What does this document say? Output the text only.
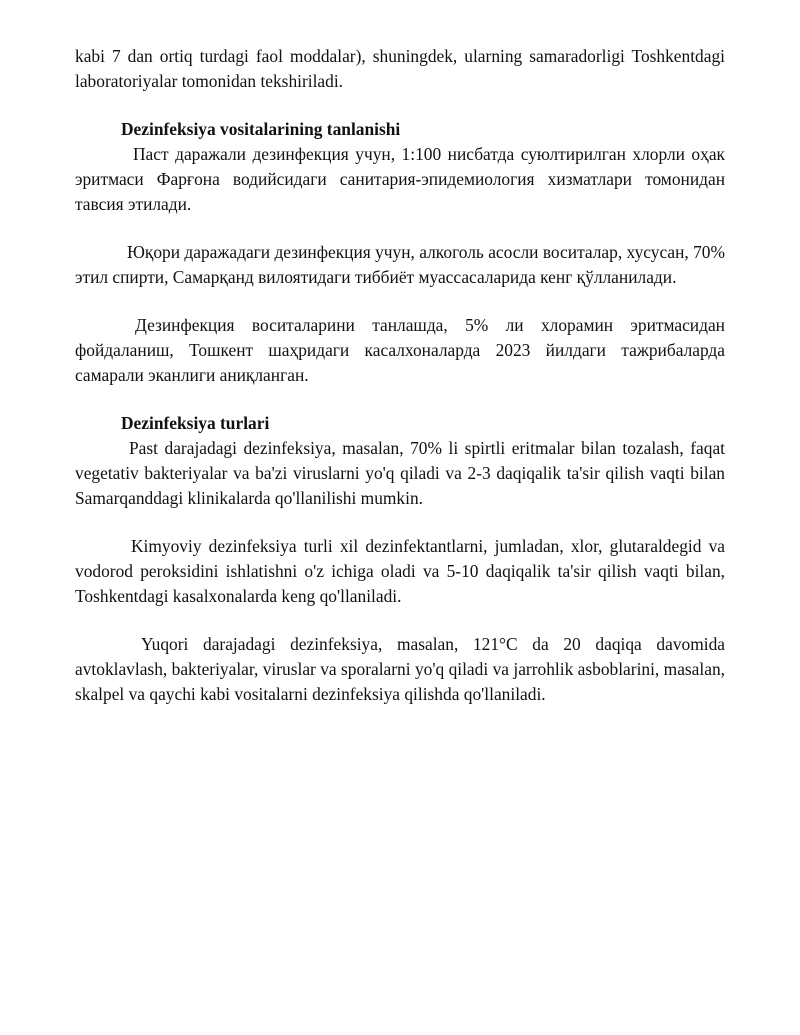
kabi 7 dan ortiq turdagi faol moddalar), shuningdek, ularning samaradorligi Toshkentdagi laboratoriyalar tomonidan tekshiriladi.

Dezinfeksiya vositalarining tanlanishi

Паст даражали дезинфекция учун, 1:100 нисбатда суюлтирилган хлорли оҳак эритмаси Фарғона водийсидаги санитария-эпидемиология хизматлари томонидан тавсия этилади.

Юқори даражадаги дезинфекция учун, алкоголь асосли воситалар, хусусан, 70% этил спирти, Самарқанд вилоятидаги тиббиёт муассасаларида кенг қўлланилади.

Дезинфекция воситаларини танлашда, 5% ли хлорамин эритмасидан фойдаланиш, Тошкент шаҳридаги касалхоналарда 2023 йилдаги тажрибаларда самарали эканлиги аниқланган.

Dezinfeksiya turlari

Past darajadagi dezinfeksiya, masalan, 70% li spirtli eritmalar bilan tozalash, faqat vegetativ bakteriyalar va ba'zi viruslarni yo'q qiladi va 2-3 daqiqalik ta'sir qilish vaqti bilan Samarqanddagi klinikalarda qo'llanilishi mumkin.

Kimyoviy dezinfeksiya turli xil dezinfektantlarni, jumladan, xlor, glutaraldegid va vodorod peroksidini ishlatishni o'z ichiga oladi va 5-10 daqiqalik ta'sir qilish vaqti bilan, Toshkentdagi kasalxonalarda keng qo'llaniladi.

Yuqori darajadagi dezinfeksiya, masalan, 121°C da 20 daqiqa davomida avtoklavlash, bakteriyalar, viruslar va sporalarni yo'q qiladi va jarrohlik asboblarini, masalan, skalpel va qaychi kabi vositalarni dezinfeksiya qilishda qo'llaniladi.
